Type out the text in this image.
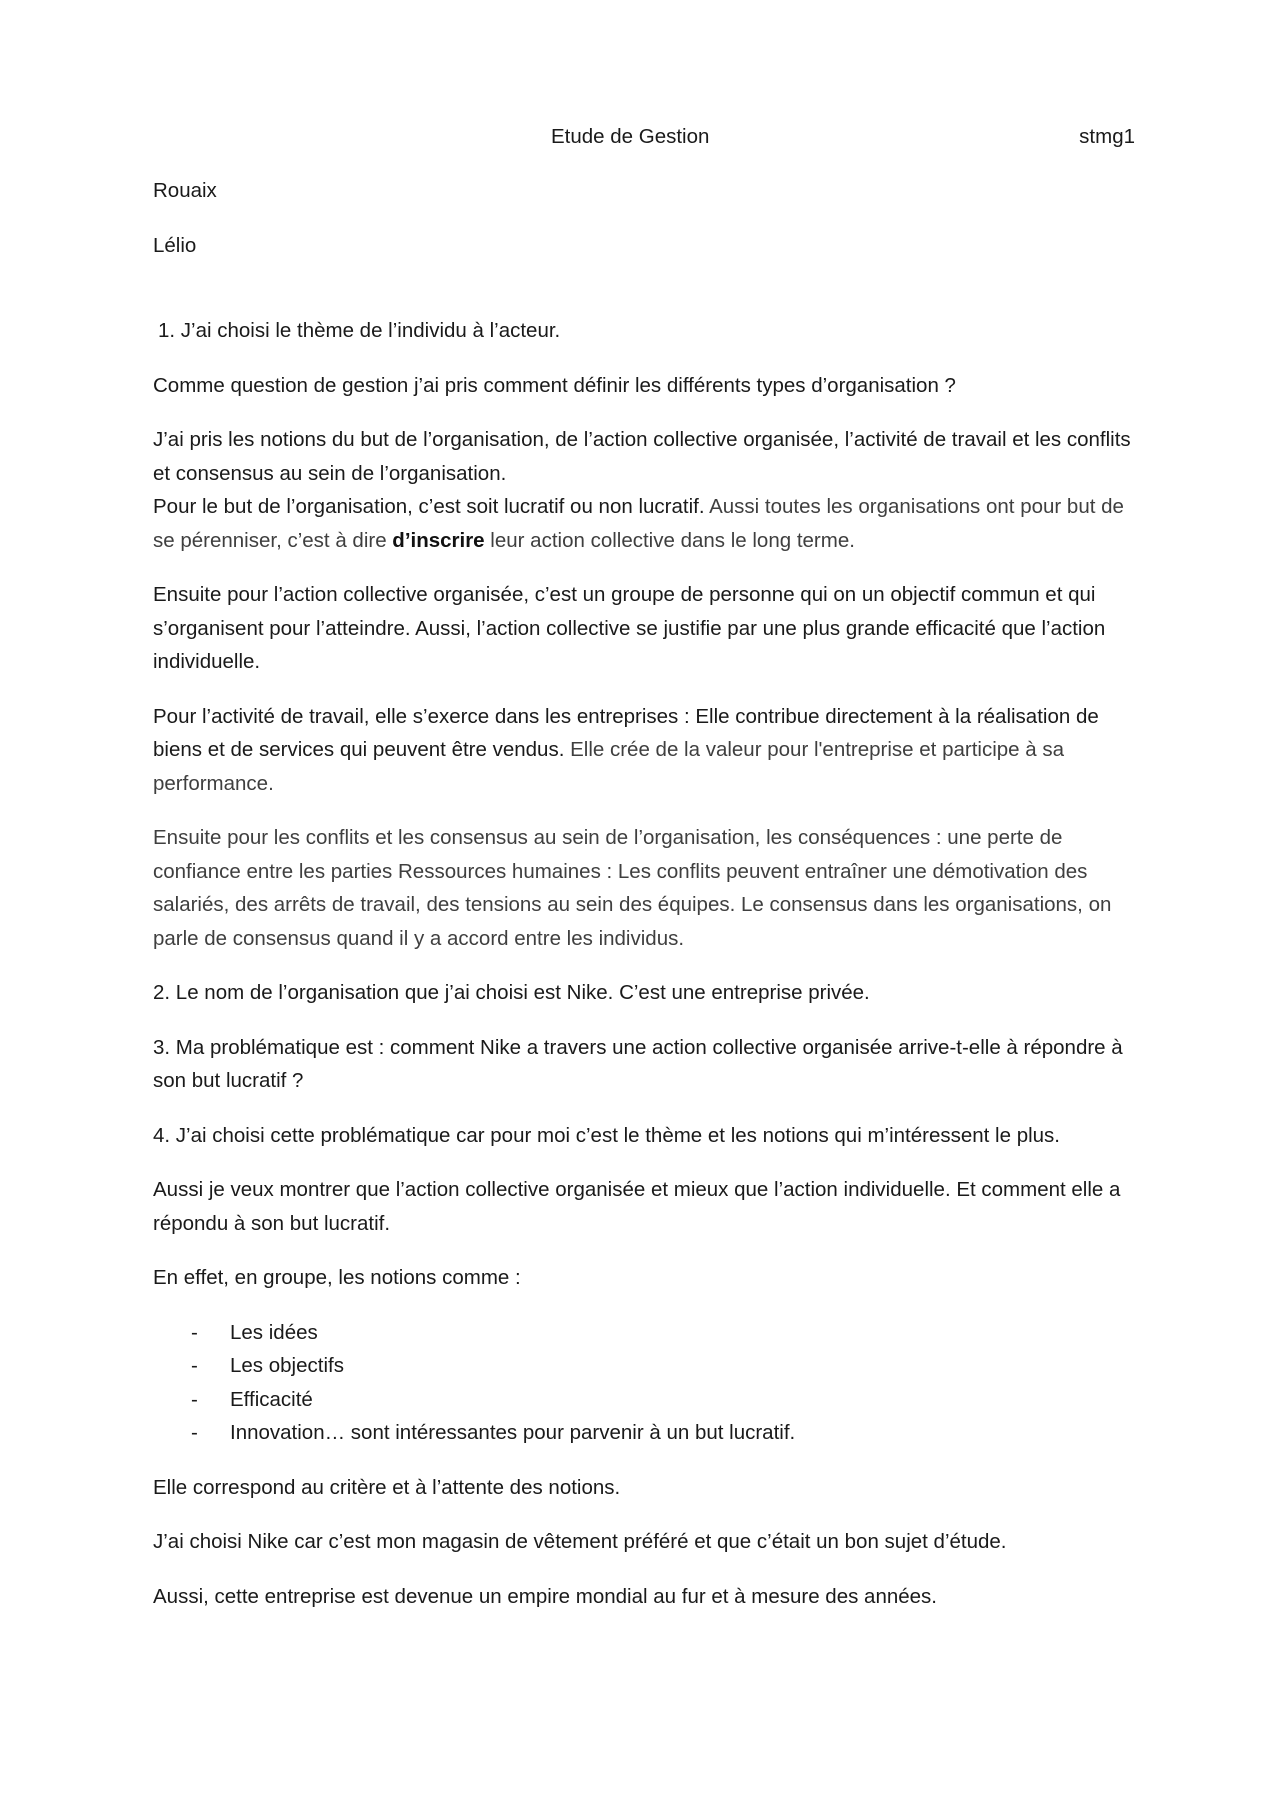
Etude de Gestion	stmg1

Rouaix

Lélio

1. J’ai choisi le thème de l’individu à l’acteur.

Comme question de gestion j’ai pris comment définir les différents types d’organisation ?

J’ai pris les notions du but de l’organisation, de l’action collective organisée, l’activité de travail et les conflits et consensus au sein de l’organisation.

Pour le but de l’organisation, c’est soit lucratif ou non lucratif. Aussi toutes les organisations ont pour but de se pérenniser, c’est à dire d’inscrire leur action collective dans le long terme.

Ensuite pour l’action collective organisée, c’est un groupe de personne qui on un objectif commun et qui s’organisent pour l’atteindre. Aussi, l’action collective se justifie par une plus grande efficacité que l’action individuelle.

Pour l’activité de travail, elle s’exerce dans les entreprises : Elle contribue directement à la réalisation de biens et de services qui peuvent être vendus. Elle crée de la valeur pour l'entreprise et participe à sa performance.

Ensuite pour les conflits et les consensus au sein de l’organisation, les conséquences : une perte de confiance entre les parties Ressources humaines : Les conflits peuvent entraîner une démotivation des salariés, des arrêts de travail, des tensions au sein des équipes. Le consensus dans les organisations, on parle de consensus quand il y a accord entre les individus.

2. Le nom de l’organisation que j’ai choisi est Nike. C’est une entreprise privée.

3. Ma problématique est : comment Nike a travers une action collective organisée arrive-t-elle à répondre à son but lucratif ?

4. J’ai choisi cette problématique car pour moi c’est le thème et les notions qui m’intéressent le plus.

Aussi je veux montrer que l’action collective organisée et mieux que l’action individuelle. Et comment elle a répondu à son but lucratif.

En effet, en groupe, les notions comme :

- Les idées
- Les objectifs
- Efficacité
- Innovation… sont intéressantes pour parvenir à un but lucratif.

Elle correspond au critère et à l’attente des notions.

J’ai choisi Nike car c’est mon magasin de vêtement préféré et que c’était un bon sujet d’étude.

Aussi, cette entreprise est devenue un empire mondial au fur et à mesure des années.
